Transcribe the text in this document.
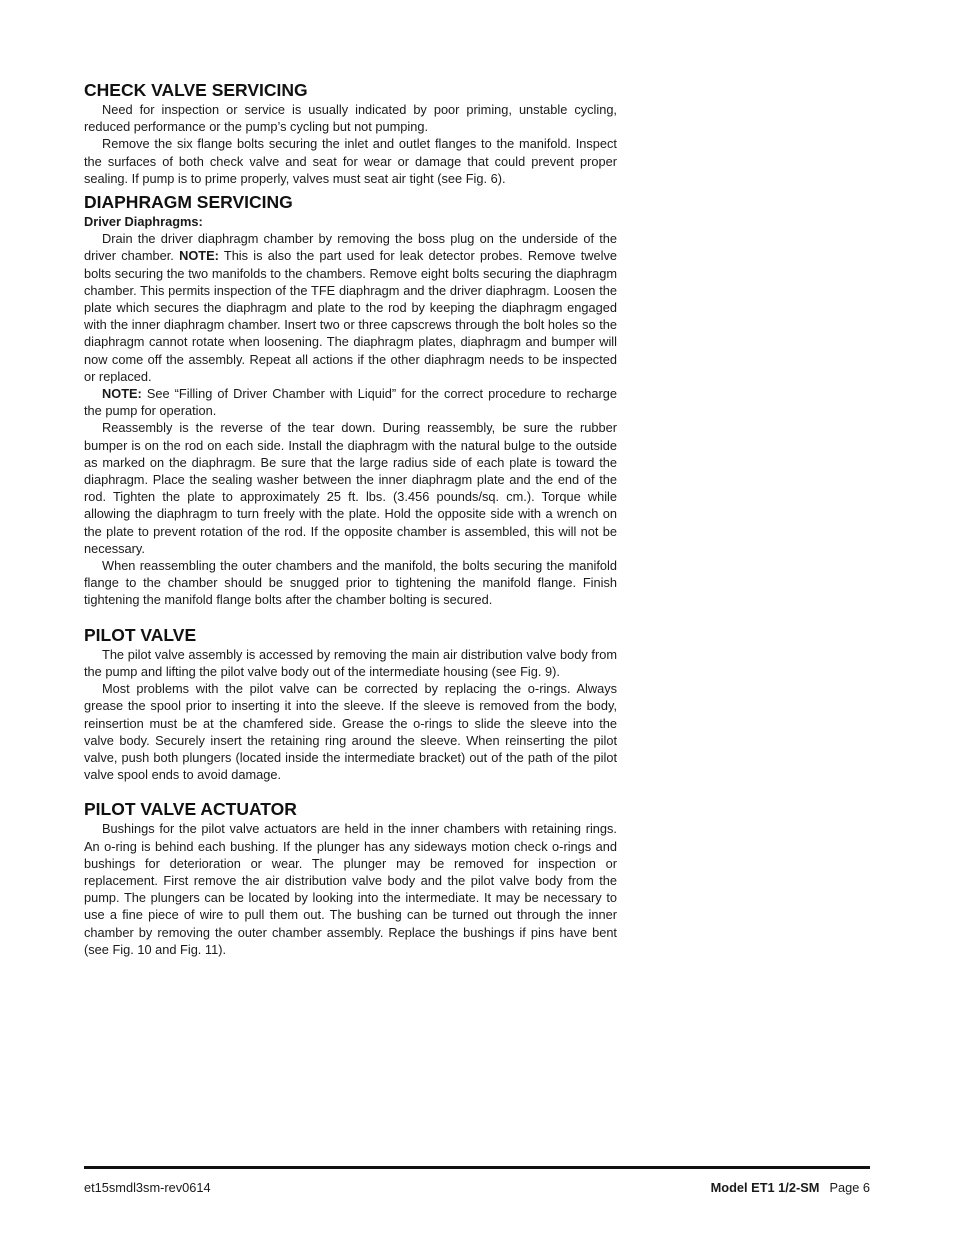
CHECK VALVE SERVICING

Need for inspection or service is usually indicated by poor priming, unstable cycling, reduced performance or the pump’s cycling but not pumping.

Remove the six flange bolts securing the inlet and outlet flanges to the manifold. Inspect the surfaces of both check valve and seat for wear or damage that could prevent proper sealing. If pump is to prime properly, valves must seat air tight (see Fig. 6).

DIAPHRAGM SERVICING
Driver Diaphragms:

Drain the driver diaphragm chamber by removing the boss plug on the underside of the driver chamber. NOTE: This is also the part used for leak detector probes. Remove twelve bolts securing the two manifolds to the chambers. Remove eight bolts securing the diaphragm chamber. This permits inspection of the TFE diaphragm and the driver diaphragm. Loosen the plate which secures the diaphragm and plate to the rod by keeping the diaphragm engaged with the inner diaphragm chamber. Insert two or three capscrews through the bolt holes so the diaphragm cannot rotate when loosening. The diaphragm plates, diaphragm and bumper will now come off the assembly. Repeat all actions if the other diaphragm needs to be inspected or replaced.

NOTE: See “Filling of Driver Chamber with Liquid” for the correct procedure to recharge the pump for operation.

Reassembly is the reverse of the tear down. During reassembly, be sure the rubber bumper is on the rod on each side. Install the diaphragm with the natural bulge to the outside as marked on the diaphragm. Be sure that the large radius side of each plate is toward the diaphragm. Place the sealing washer between the inner diaphragm plate and the end of the rod. Tighten the plate to approximately 25 ft. lbs. (3.456 pounds/sq. cm.). Torque while allowing the diaphragm to turn freely with the plate. Hold the opposite side with a wrench on the plate to prevent rotation of the rod. If the opposite chamber is assembled, this will not be necessary.

When reassembling the outer chambers and the manifold, the bolts securing the manifold flange to the chamber should be snugged prior to tightening the manifold flange. Finish tightening the manifold flange bolts after the chamber bolting is secured.

PILOT VALVE

The pilot valve assembly is accessed by removing the main air distribution valve body from the pump and lifting the pilot valve body out of the intermediate housing (see Fig. 9).

Most problems with the pilot valve can be corrected by replacing the o-rings. Always grease the spool prior to inserting it into the sleeve. If the sleeve is removed from the body, reinsertion must be at the chamfered side. Grease the o-rings to slide the sleeve into the valve body. Securely insert the retaining ring around the sleeve. When reinserting the pilot valve, push both plungers (located inside the intermediate bracket) out of the path of the pilot valve spool ends to avoid damage.

PILOT VALVE ACTUATOR

Bushings for the pilot valve actuators are held in the inner chambers with retaining rings. An o-ring is behind each bushing. If the plunger has any sideways motion check o-rings and bushings for deterioration or wear. The plunger may be removed for inspection or replacement. First remove the air distribution valve body and the pilot valve body from the pump. The plungers can be located by looking into the intermediate. It may be necessary to use a fine piece of wire to pull them out. The bushing can be turned out through the inner chamber by removing the outer chamber assembly. Replace the bushings if pins have bent (see Fig. 10 and Fig. 11).

et15smdl3sm-rev0614	Model ET1 1/2-SM Page 6
